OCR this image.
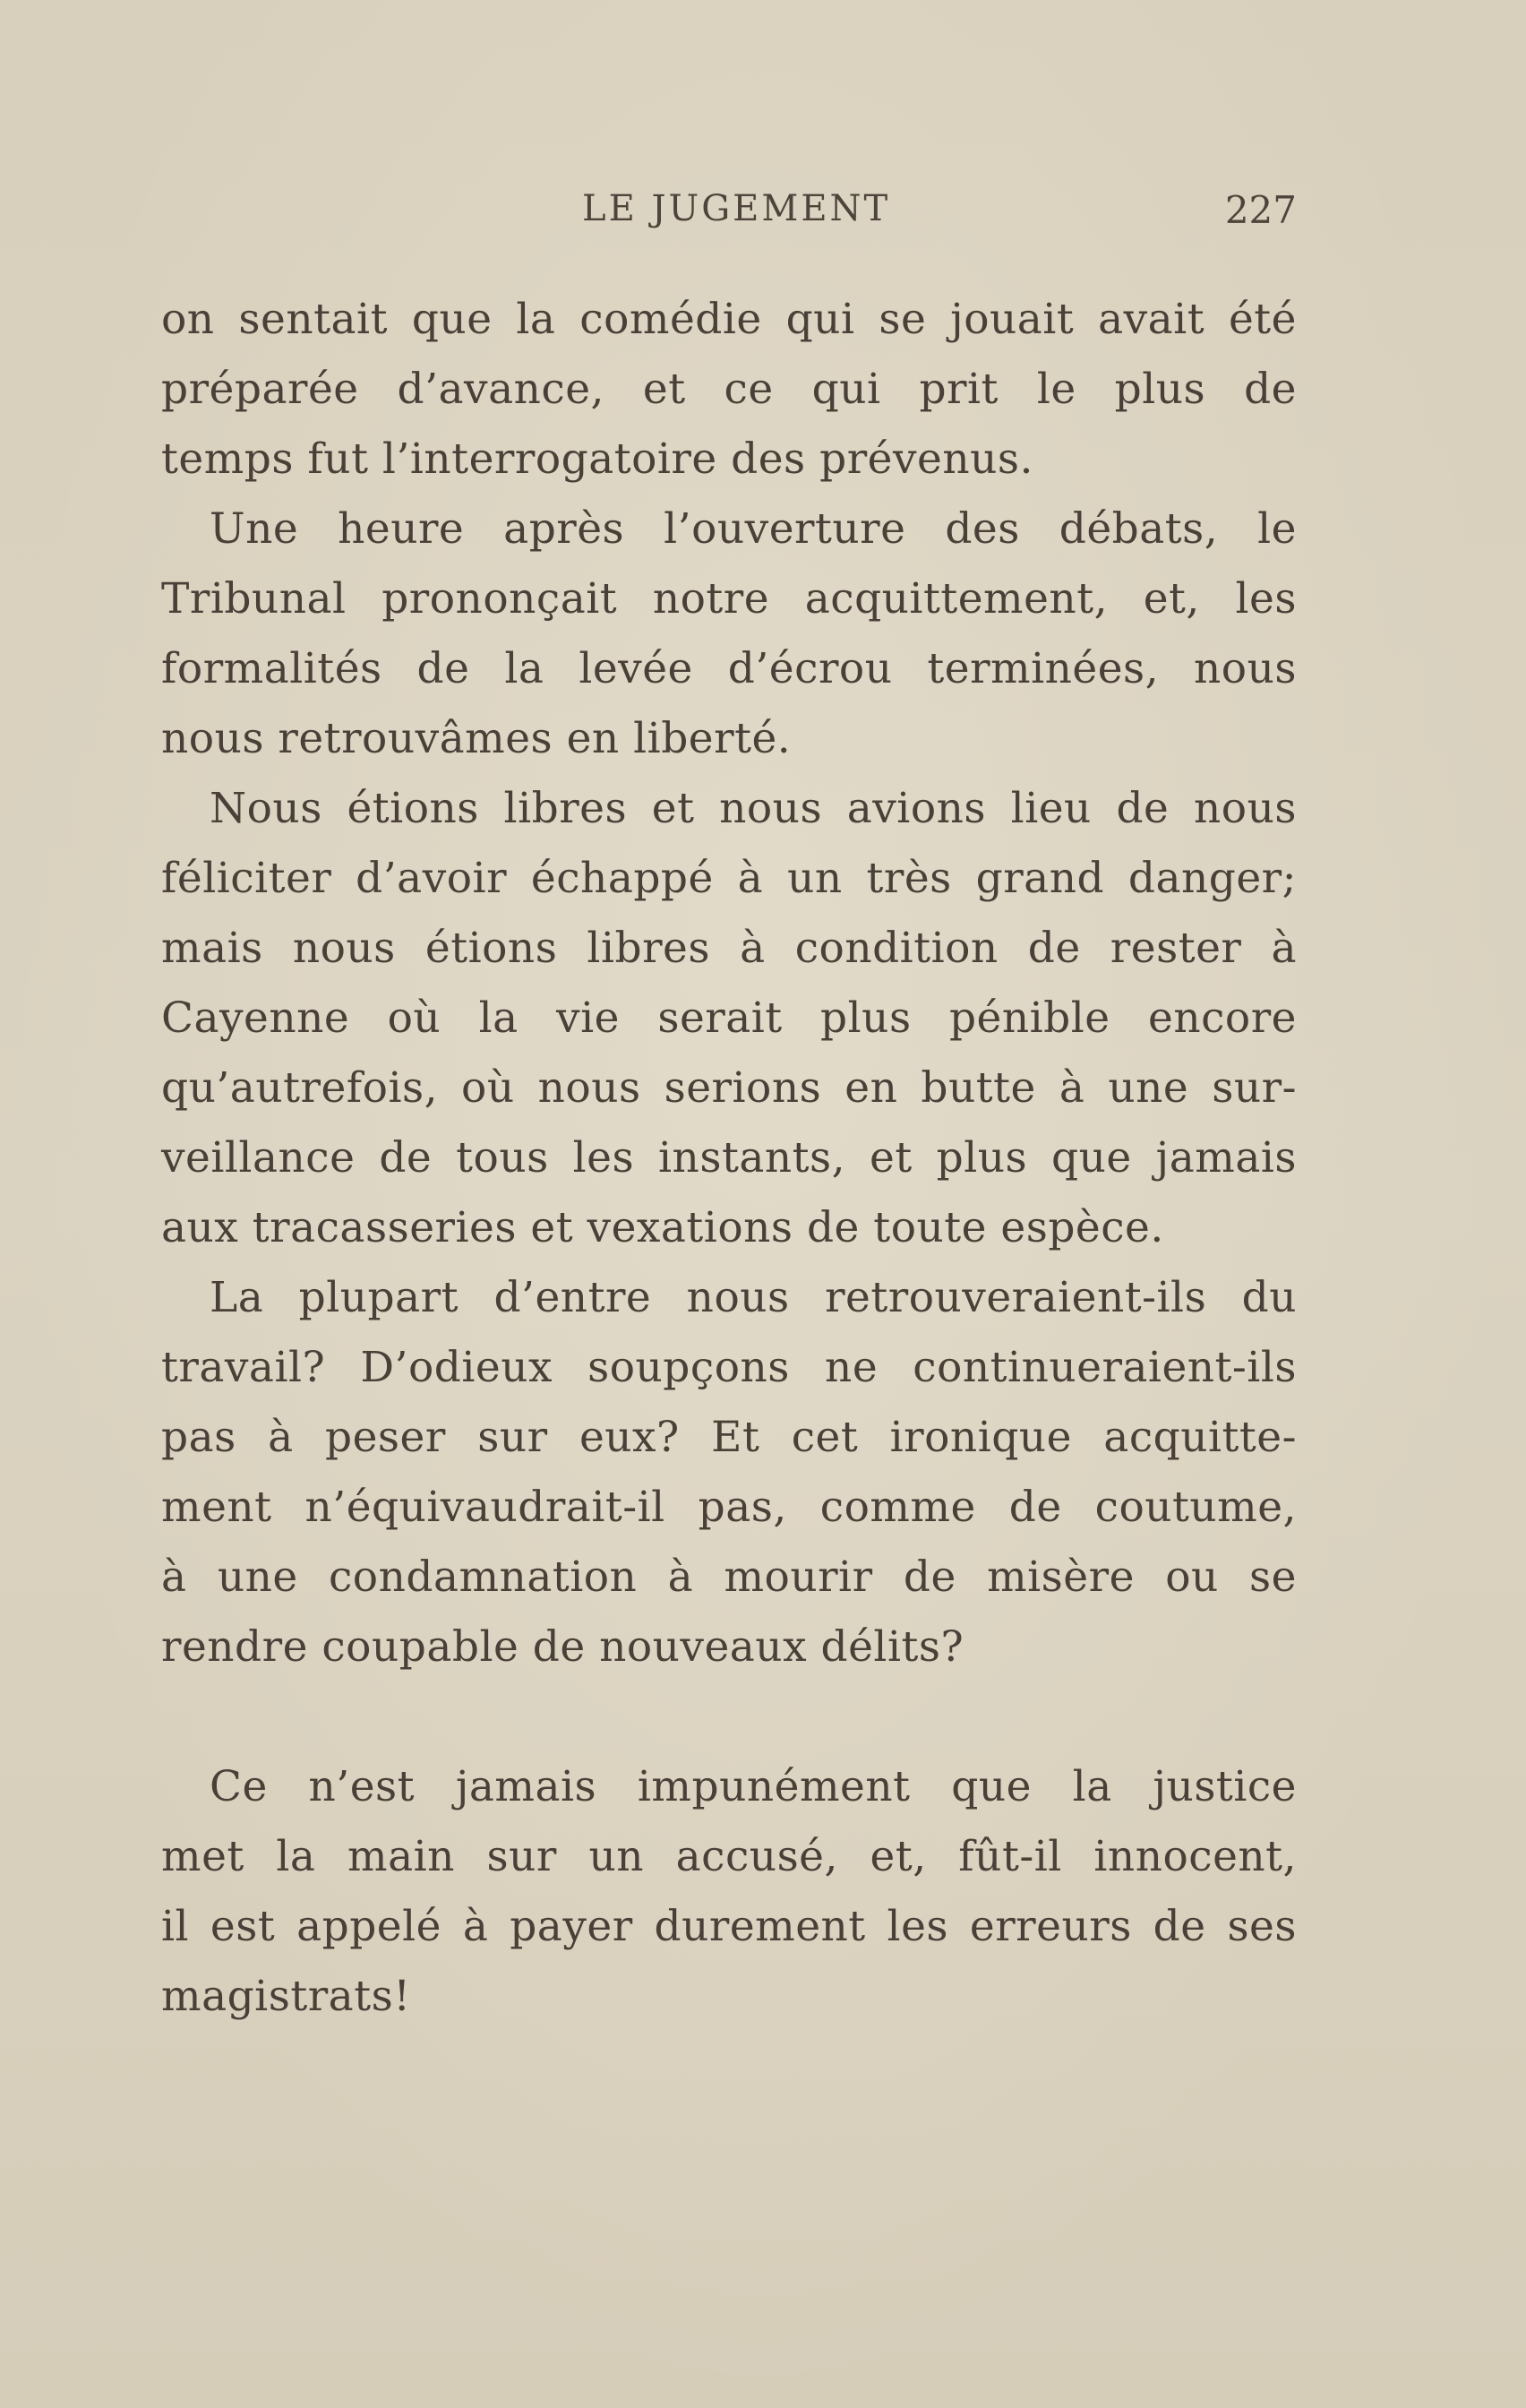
LE JUGEMENT	227
on sentait que la comédie qui se jouait avait été
préparée d’avance, et ce qui prit le plus de
temps fut l’interrogatoire des prévenus.
Une heure après l’ouverture des débats, le
Tribunal prononçait notre acquittement, et, les
formalités de la levée d’écrou terminées, nous
nous retrouvâmes en liberté.
Nous étions libres et nous avions lieu de nous
féliciter d’avoir échappé à un très grand danger;
mais nous étions libres à condition de rester à
Cayenne où la vie serait plus pénible encore
qu’autrefois, où nous serions en butte à une sur-
veillance de tous les instants, et plus que jamais
aux tracasseries et vexations de toute espèce.
La plupart d’entre nous retrouveraient-ils du
travail? D’odieux soupçons ne continueraient-ils
pas à peser sur eux? Et cet ironique acquitte-
ment n’équivaudrait-il pas, comme de coutume,
à une condamnation à mourir de misère ou se
rendre coupable de nouveaux délits?
Ce n’est jamais impunément que la justice
met la main sur un accusé, et, fût-il innocent,
il est appelé à payer durement les erreurs de ses
magistrats!
